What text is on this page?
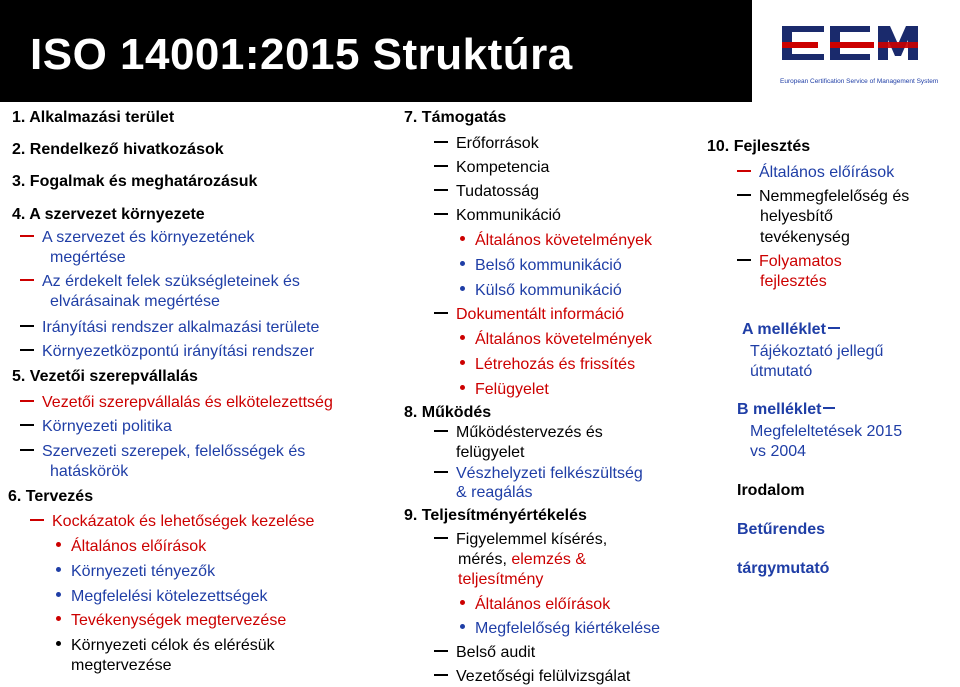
ISO 14001:2015 Struktúra
European Certification Service of Management System
1. Alkalmazási terület
2. Rendelkező hivatkozások
3. Fogalmak és meghatározásuk
4. A szervezet környezete
A szervezet és környezetének
megértése
Az érdekelt felek szükségleteinek és
elvárásainak megértése
Irányítási rendszer alkalmazási területe
Környezetközpontú irányítási rendszer
5. Vezetői szerepvállalás
Vezetői szerepvállalás és elkötelezettség
Környezeti politika
Szervezeti szerepek, felelősségek és
hatáskörök
6. Tervezés
Kockázatok és lehetőségek kezelése
Általános előírások
Környezeti tényezők
Megfelelési kötelezettségek
Tevékenységek megtervezése
Környezeti célok és elérésük
megtervezése
7. Támogatás
Erőforrások
Kompetencia
Tudatosság
Kommunikáció
Általános követelmények
Belső kommunikáció
Külső kommunikáció
Dokumentált információ
Általános követelmények
Létrehozás és frissítés
Felügyelet
8. Működés
Működéstervezés és
felügyelet
Vészhelyzeti felkészültség
& reagálás
9. Teljesítményértékelés
Figyelemmel kísérés,
mérés, elemzés &
teljesítmény
Általános előírások
Megfelelőség kiértékelése
Belső audit
Vezetőségi felülvizsgálat
10. Fejlesztés
Általános előírások
Nemmegfelelőség és
helyesbítő
tevékenység
Folyamatos
fejlesztés
A melléklet
Tájékoztató jellegű
útmutató
B melléklet
Megfeleltetések 2015
vs 2004
Irodalom
Betűrendes
tárgymutató
